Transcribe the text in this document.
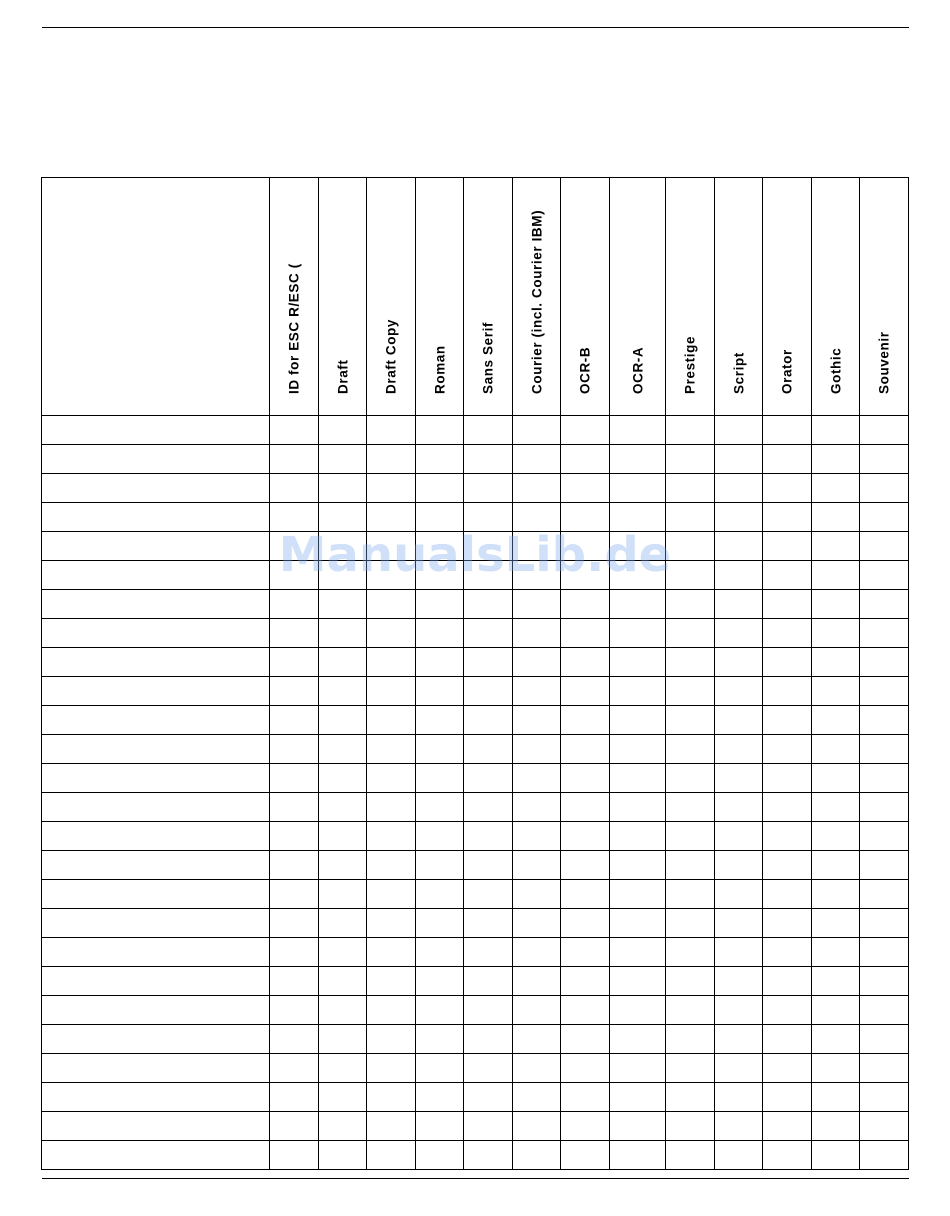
	ID for ESC R/ESC (	Draft	Draft Copy	Roman	Sans Serif	Courier (incl. Courier IBM)	OCR-B	OCR-A	Prestige	Script	Orator	Gothic	Souvenir

ManualsLib.de
